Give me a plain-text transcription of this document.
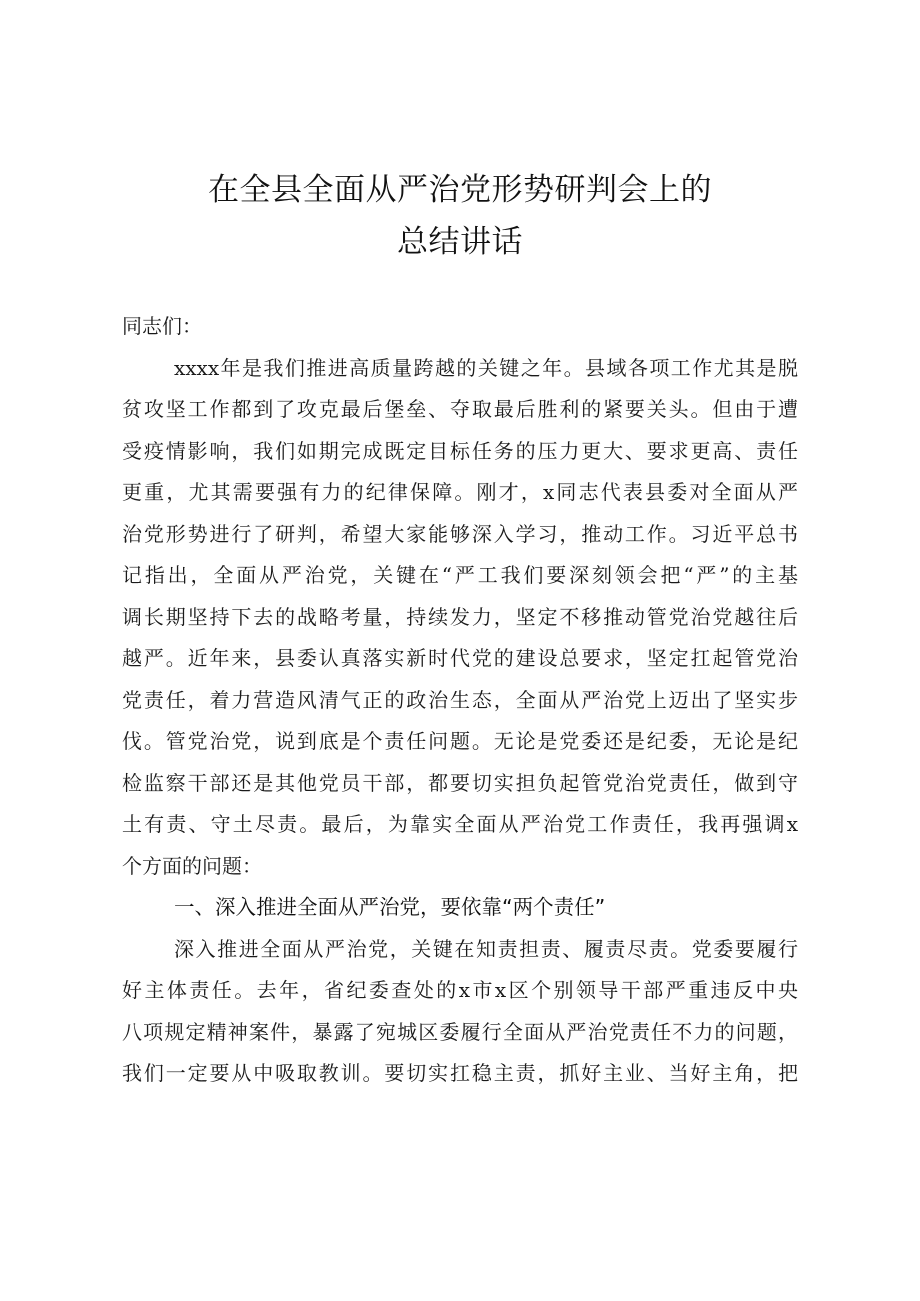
在全县全面从严治党形势研判会上的
总结讲话
同志们：
xxxx年是我们推进高质量跨越的关键之年。县域各项工作尤其是脱
贫攻坚工作都到了攻克最后堡垒、夺取最后胜利的紧要关头。但由于遭
受疫情影响，我们如期完成既定目标任务的压力更大、要求更高、责任
更重，尤其需要强有力的纪律保障。刚才，x同志代表县委对全面从严
治党形势进行了研判，希望大家能够深入学习，推动工作。习近平总书
记指出，全面从严治党，关键在“严工我们要深刻领会把“严”的主基
调长期坚持下去的战略考量，持续发力，坚定不移推动管党治党越往后
越严。近年来，县委认真落实新时代党的建设总要求，坚定扛起管党治
党责任，着力营造风清气正的政治生态，全面从严治党上迈出了坚实步
伐。管党治党，说到底是个责任问题。无论是党委还是纪委，无论是纪
检监察干部还是其他党员干部，都要切实担负起管党治党责任，做到守
土有责、守土尽责。最后，为靠实全面从严治党工作责任，我再强调x
个方面的问题：
一、深入推进全面从严治党，要依靠“两个责任”
深入推进全面从严治党，关键在知责担责、履责尽责。党委要履行
好主体责任。去年，省纪委查处的x市x区个别领导干部严重违反中央
八项规定精神案件，暴露了宛城区委履行全面从严治党责任不力的问题，
我们一定要从中吸取教训。要切实扛稳主责，抓好主业、当好主角，把
